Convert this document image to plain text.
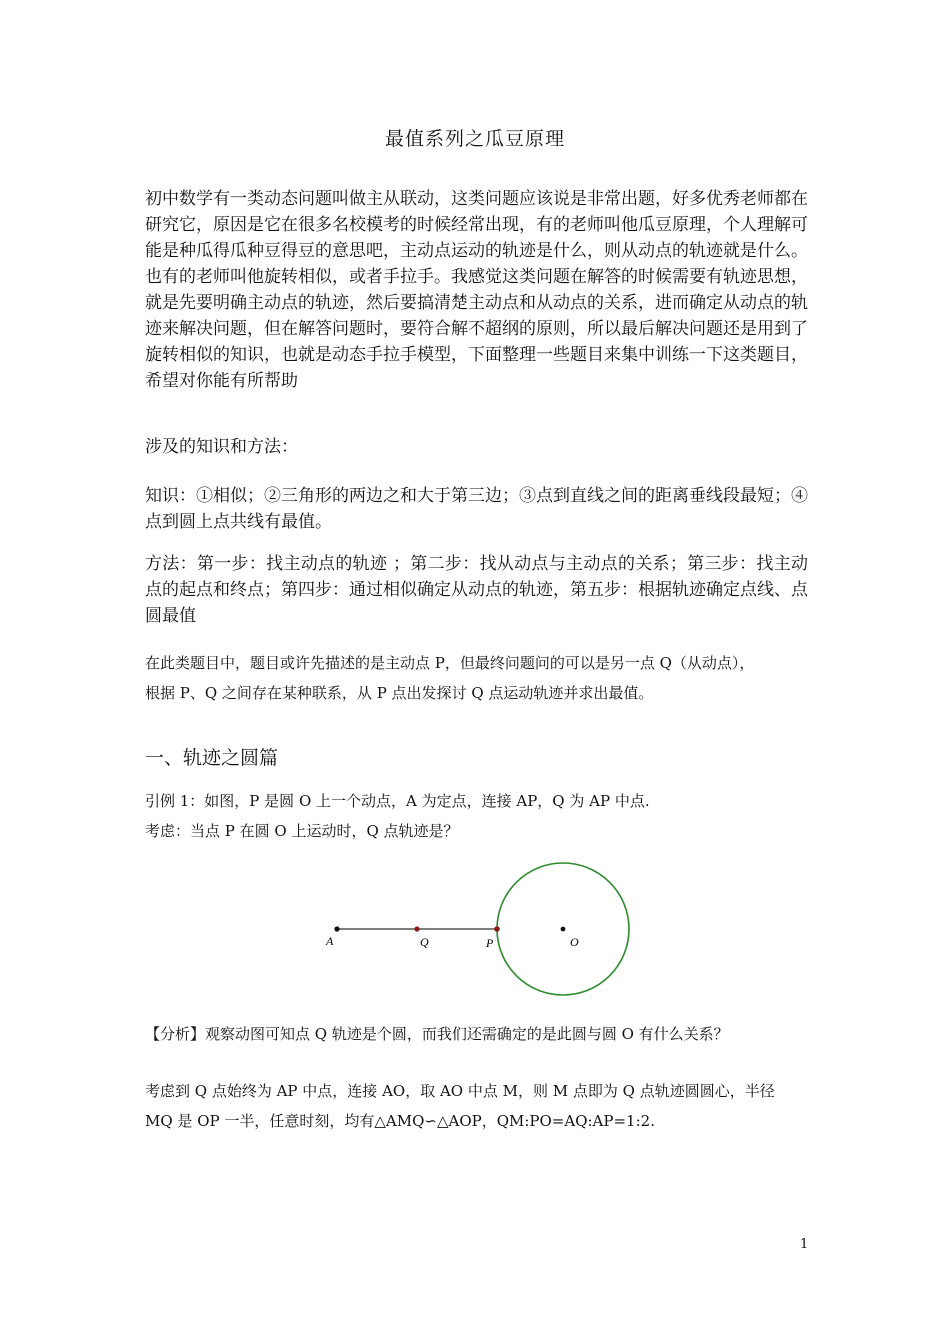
最值系列之瓜豆原理
初中数学有一类动态问题叫做主从联动，这类问题应该说是非常出题，好多优秀老师都在研究它，原因是它在很多名校模考的时候经常出现，有的老师叫他瓜豆原理，个人理解可能是种瓜得瓜种豆得豆的意思吧，主动点运动的轨迹是什么，则从动点的轨迹就是什么。也有的老师叫他旋转相似，或者手拉手。我感觉这类问题在解答的时候需要有轨迹思想，就是先要明确主动点的轨迹，然后要搞清楚主动点和从动点的关系，进而确定从动点的轨迹来解决问题，但在解答问题时，要符合解不超纲的原则，所以最后解决问题还是用到了旋转相似的知识，也就是动态手拉手模型，下面整理一些题目来集中训练一下这类题目，希望对你能有所帮助
涉及的知识和方法：
知识：①相似；②三角形的两边之和大于第三边；③点到直线之间的距离垂线段最短；④点到圆上点共线有最值。
方法：第一步：找主动点的轨迹 ；第二步：找从动点与主动点的关系；第三步：找主动点的起点和终点；第四步：通过相似确定从动点的轨迹，第五步：根据轨迹确定点线、点圆最值
在此类题目中，题目或许先描述的是主动点 P，但最终问题问的可以是另一点 Q（从动点），
根据 P、Q 之间存在某种联系，从 P 点出发探讨 Q 点运动轨迹并求出最值。
一、轨迹之圆篇
引例 1：如图，P 是圆 O 上一个动点，A 为定点，连接 AP，Q 为 AP 中点.
考虑：当点 P 在圆 O 上运动时，Q 点轨迹是？
A	Q	P	O
【分析】观察动图可知点 Q 轨迹是个圆，而我们还需确定的是此圆与圆 O 有什么关系？
考虑到 Q 点始终为 AP 中点，连接 AO，取 AO 中点 M，则 M 点即为 Q 点轨迹圆圆心，半径
MQ 是 OP 一半，任意时刻，均有△AMQ∽△AOP，QM:PO=AQ:AP=1:2.
1
